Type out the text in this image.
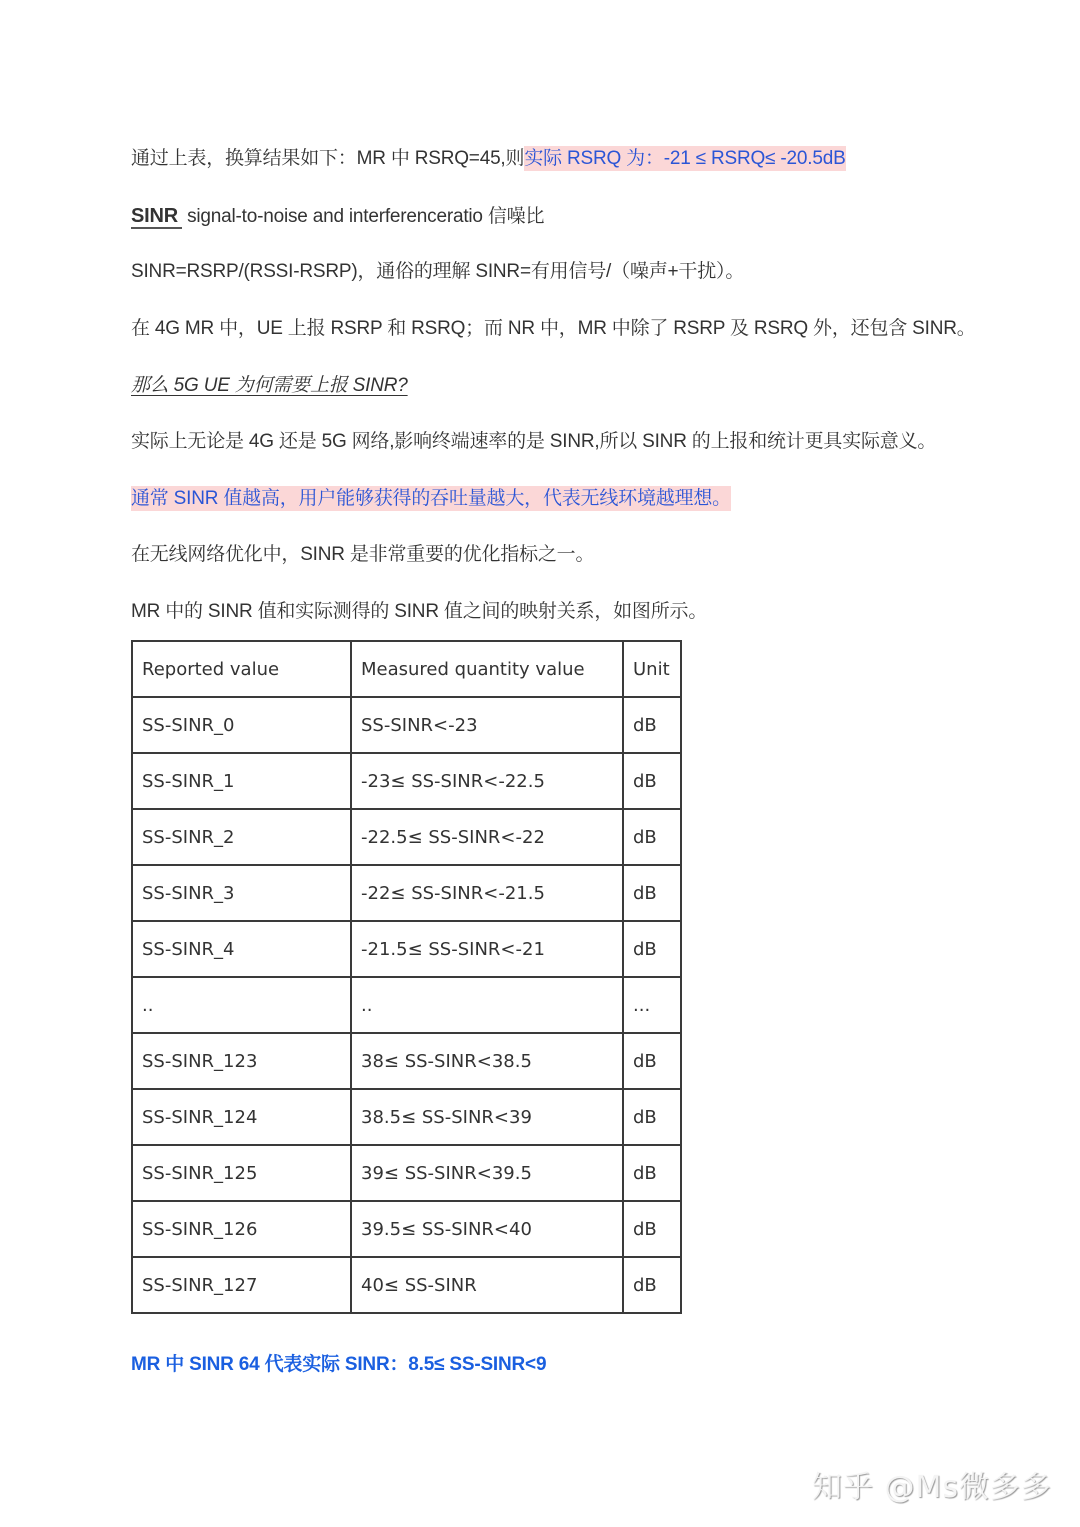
通过上表，换算结果如下：MR 中 RSRQ=45,则实际 RSRQ 为：-21 ≤ RSRQ≤ -20.5dB
SINR signal-to-noise and interferenceratio 信噪比
SINR=RSRP/(RSSI-RSRP)，通俗的理解 SINR=有用信号/（噪声+干扰）。
在 4G MR 中，UE 上报 RSRP 和 RSRQ；而 NR 中，MR 中除了 RSRP 及 RSRQ 外，还包含 SINR。
那么 5G UE 为何需要上报 SINR?
实际上无论是 4G 还是 5G 网络,影响终端速率的是 SINR,所以 SINR 的上报和统计更具实际意义。
通常 SINR 值越高，用户能够获得的吞吐量越大，代表无线环境越理想。
在无线网络优化中，SINR 是非常重要的优化指标之一。
MR 中的 SINR 值和实际测得的 SINR 值之间的映射关系，如图所示。
Reported value	Measured quantity value	Unit
SS-SINR_0	SS-SINR<-23	dB
SS-SINR_1	-23≤ SS-SINR<-22.5	dB
SS-SINR_2	-22.5≤ SS-SINR<-22	dB
SS-SINR_3	-22≤ SS-SINR<-21.5	dB
SS-SINR_4	-21.5≤ SS-SINR<-21	dB
..	..	...
SS-SINR_123	38≤ SS-SINR<38.5	dB
SS-SINR_124	38.5≤ SS-SINR<39	dB
SS-SINR_125	39≤ SS-SINR<39.5	dB
SS-SINR_126	39.5≤ SS-SINR<40	dB
SS-SINR_127	40≤ SS-SINR	dB
MR 中 SINR 64 代表实际 SINR：8.5≤ SS-SINR<9
知乎 @Ms微多多
